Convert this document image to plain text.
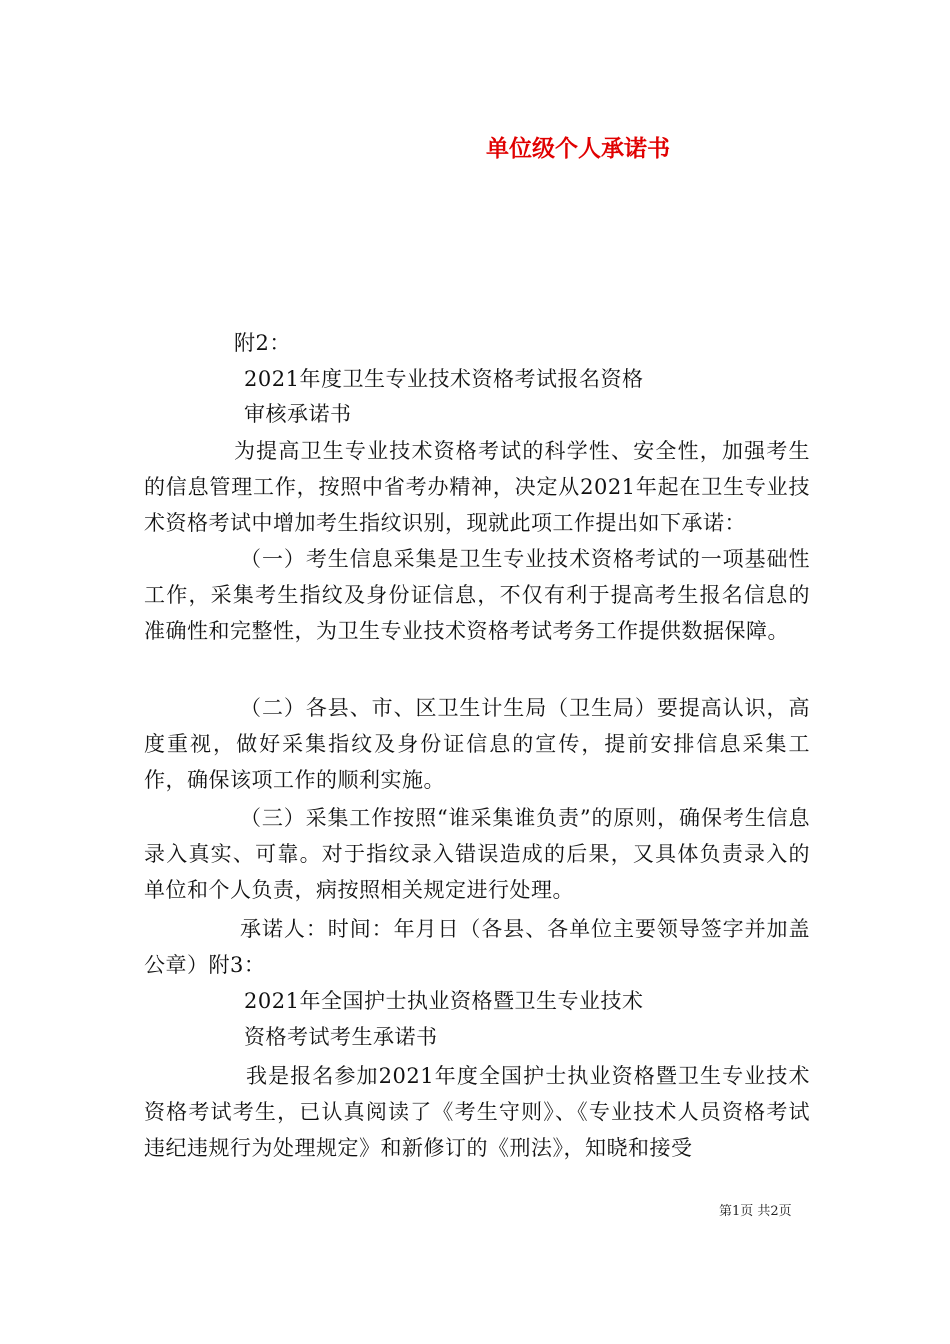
单位级个人承诺书
附2：
2021年度卫生专业技术资格考试报名资格
审核承诺书
为提高卫生专业技术资格考试的科学性、安全性，加强考生的信息管理工作，按照中省考办精神，决定从2021年起在卫生专业技术资格考试中增加考生指纹识别，现就此项工作提出如下承诺：
（一）考生信息采集是卫生专业技术资格考试的一项基础性工作，采集考生指纹及身份证信息，不仅有利于提高考生报名信息的准确性和完整性，为卫生专业技术资格考试考务工作提供数据保障。
（二）各县、市、区卫生计生局（卫生局）要提高认识，高度重视，做好采集指纹及身份证信息的宣传，提前安排信息采集工作，确保该项工作的顺利实施。
（三）采集工作按照“谁采集谁负责”的原则，确保考生信息录入真实、可靠。对于指纹录入错误造成的后果，又具体负责录入的单位和个人负责，病按照相关规定进行处理。
承诺人：时间：年月日（各县、各单位主要领导签字并加盖公章）附3：
2021年全国护士执业资格暨卫生专业技术
资格考试考生承诺书
我是报名参加2021年度全国护士执业资格暨卫生专业技术资格考试考生，已认真阅读了《考生守则》、《专业技术人员资格考试违纪违规行为处理规定》和新修订的《刑法》，知晓和接受
第1页 共2页
